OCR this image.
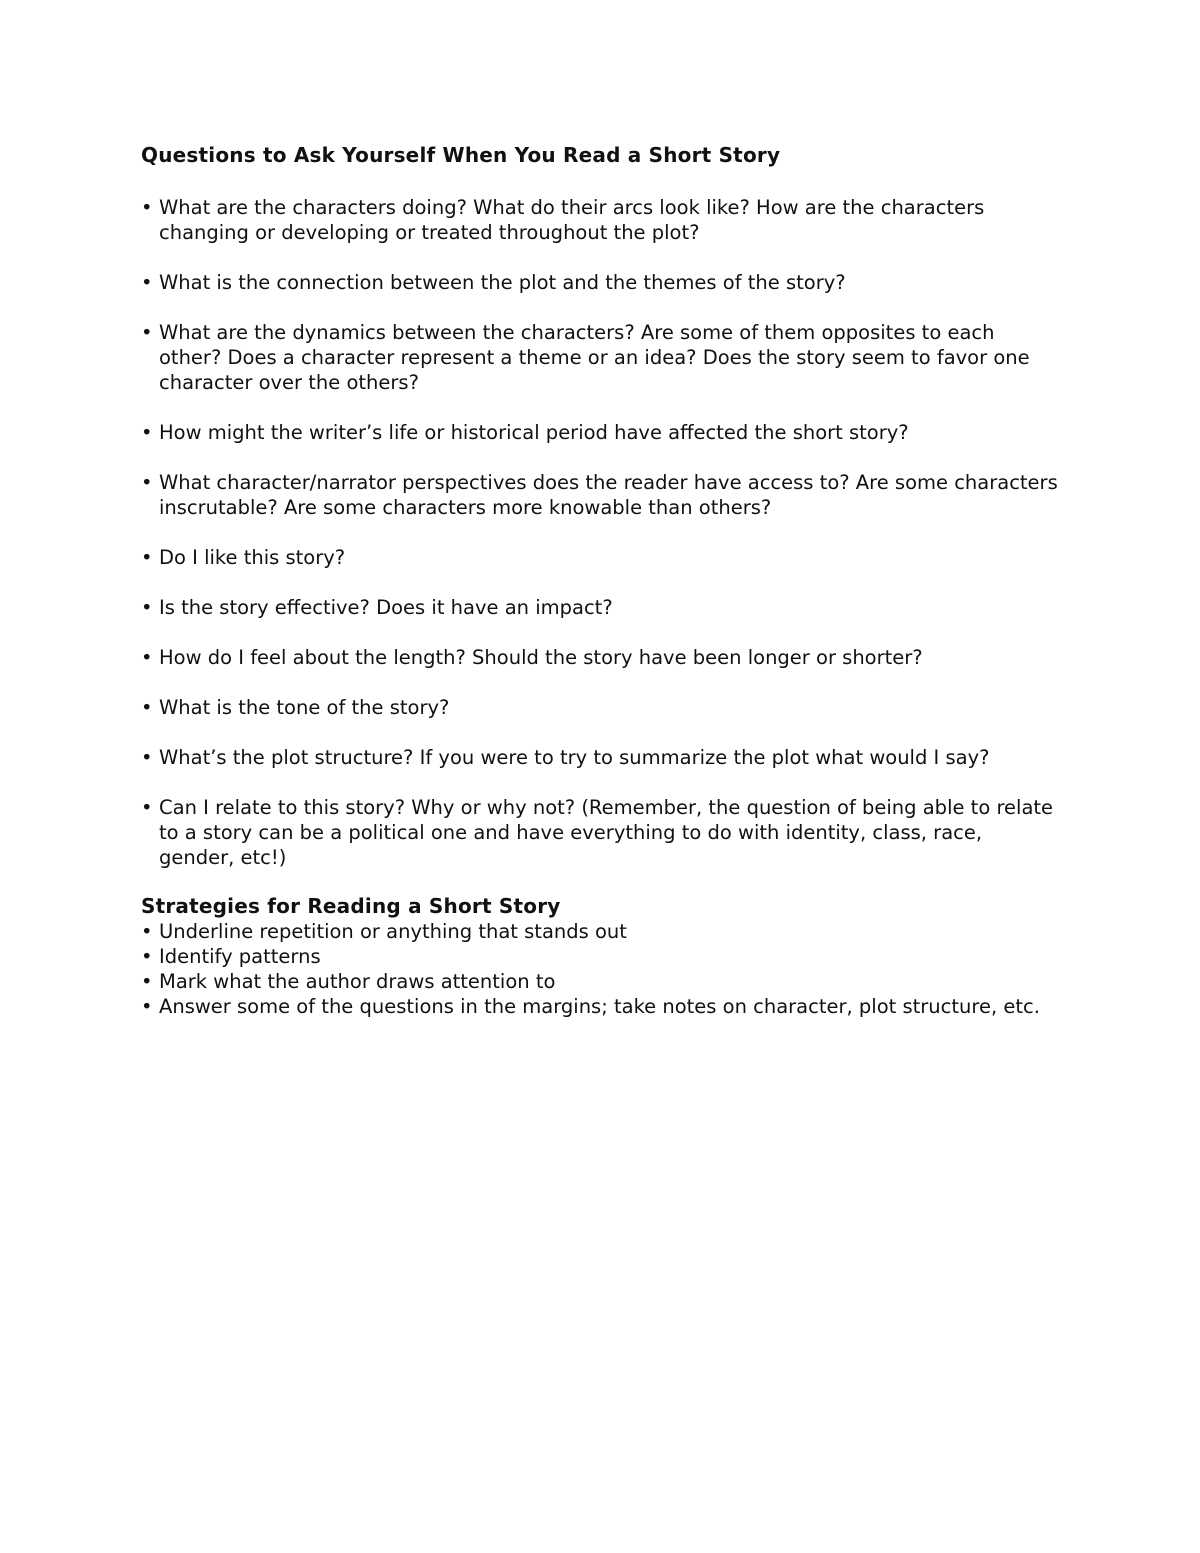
Questions to Ask Yourself When You Read a Short Story
• What are the characters doing? What do their arcs look like? How are the characters changing or developing or treated throughout the plot?
• What is the connection between the plot and the themes of the story?
• What are the dynamics between the characters? Are some of them opposites to each other? Does a character represent a theme or an idea? Does the story seem to favor one character over the others?
• How might the writer’s life or historical period have affected the short story?
• What character/narrator perspectives does the reader have access to? Are some characters inscrutable? Are some characters more knowable than others?
• Do I like this story?
• Is the story effective? Does it have an impact?
• How do I feel about the length? Should the story have been longer or shorter?
• What is the tone of the story?
• What’s the plot structure? If you were to try to summarize the plot what would I say?
• Can I relate to this story? Why or why not? (Remember, the question of being able to relate to a story can be a political one and have everything to do with identity, class, race, gender, etc!)
Strategies for Reading a Short Story
• Underline repetition or anything that stands out
• Identify patterns
• Mark what the author draws attention to
• Answer some of the questions in the margins; take notes on character, plot structure, etc.
